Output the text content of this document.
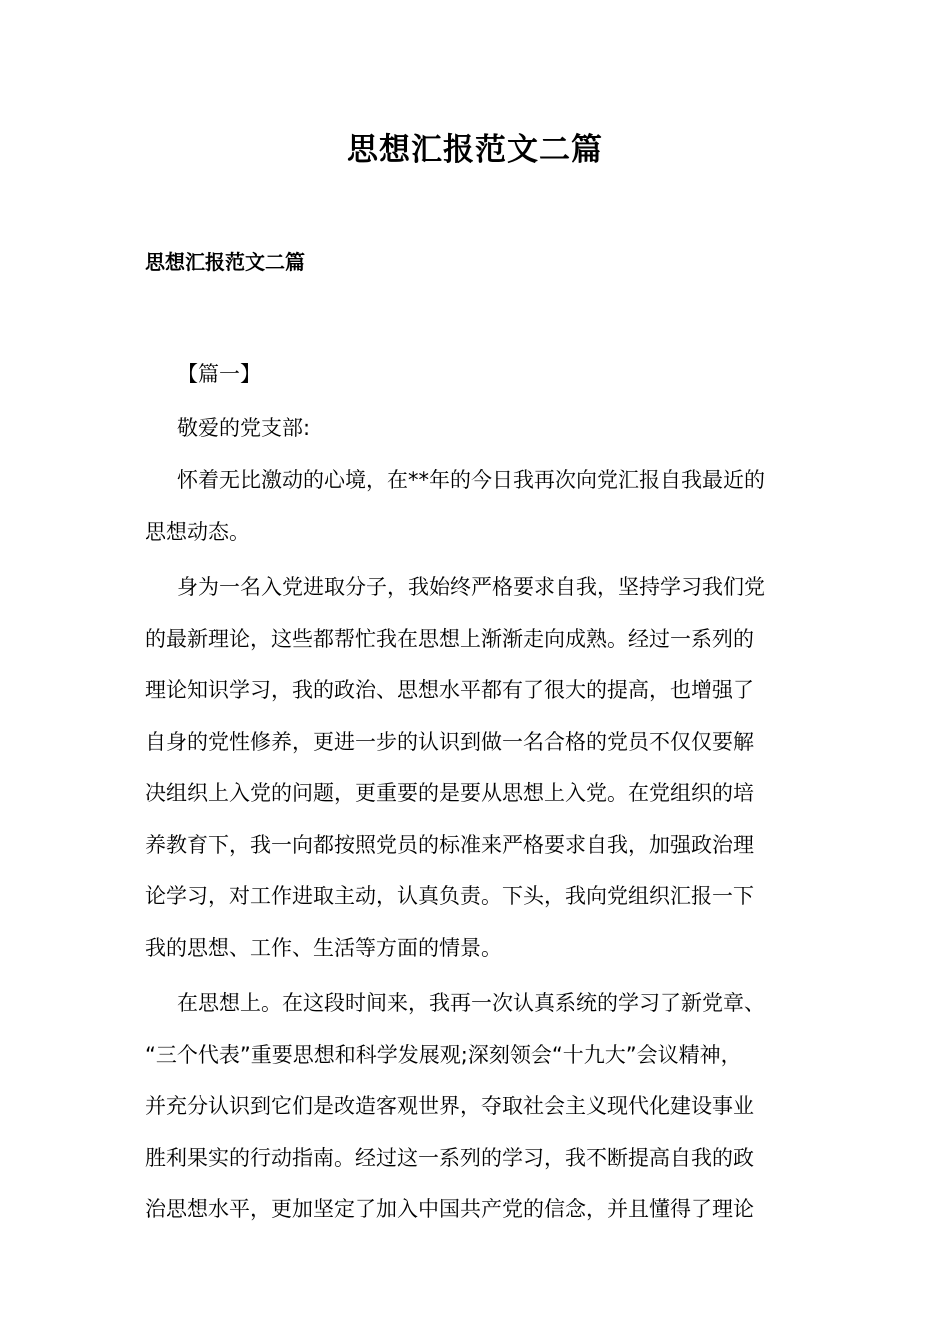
思想汇报范文二篇
思想汇报范文二篇

【篇一】

敬爱的党支部:

怀着无比激动的心境，在**年的今日我再次向党汇报自我最近的
思想动态。

身为一名入党进取分子，我始终严格要求自我，坚持学习我们党
的最新理论，这些都帮忙我在思想上渐渐走向成熟。经过一系列的
理论知识学习，我的政治、思想水平都有了很大的提高，也增强了
自身的党性修养，更进一步的认识到做一名合格的党员不仅仅要解
决组织上入党的问题，更重要的是要从思想上入党。在党组织的培
养教育下，我一向都按照党员的标准来严格要求自我，加强政治理
论学习，对工作进取主动，认真负责。下头，我向党组织汇报一下
我的思想、工作、生活等方面的情景。

在思想上。在这段时间来，我再一次认真系统的学习了新党章、
“三个代表”重要思想和科学发展观;深刻领会“十九大”会议精神，
并充分认识到它们是改造客观世界，夺取社会主义现代化建设事业
胜利果实的行动指南。经过这一系列的学习，我不断提高自我的政
治思想水平，更加坚定了加入中国共产党的信念，并且懂得了理论
